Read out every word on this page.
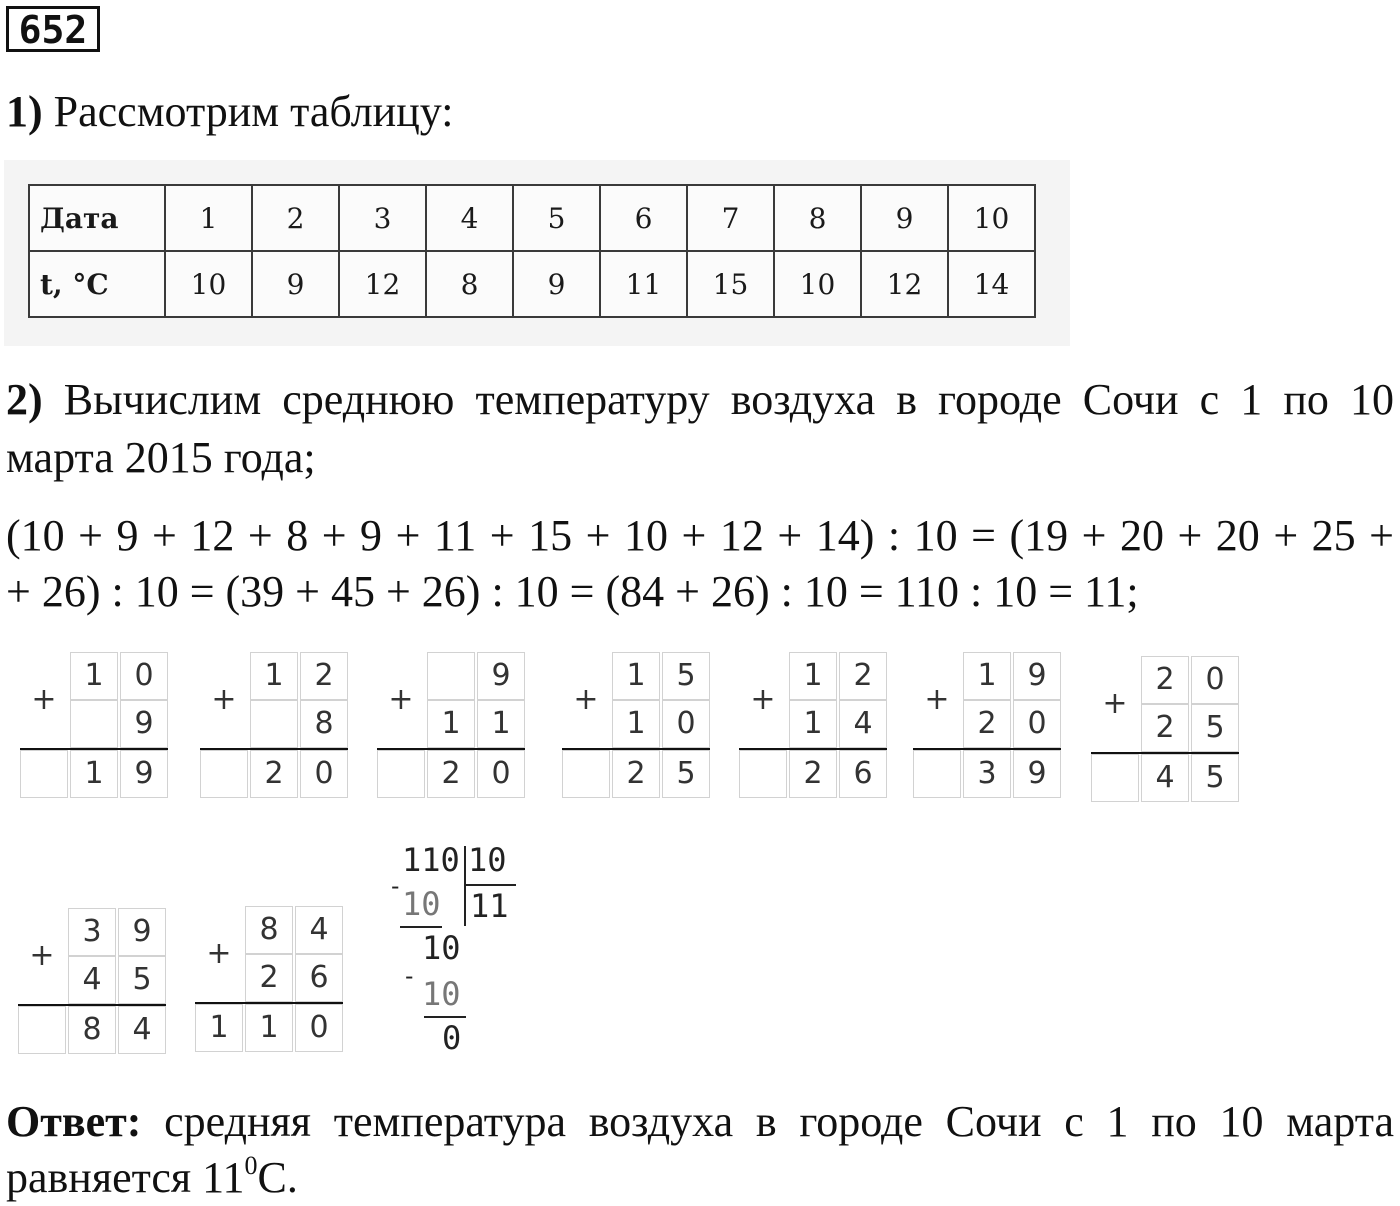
652

1) Рассмотрим таблицу:

Дата	1	2	3	4	5	6	7	8	9	10
t, °C	10	9	12	8	9	11	15	10	12	14

2) Вычислим среднюю температуру воздуха в городе Сочи с 1 по 10

марта 2015 года;

(10 + 9 + 12 + 8 + 9 + 11 + 15 + 10 + 12 + 14) : 10 = (19 + 20 + 20 + 25 +

+ 26) : 10 = (39 + 45 + 26) : 10 = (84 + 26) : 10 = 110 : 10 = 11;

1	0
9
1	9
+
1	2
8
2	0
+
9
1	1
2	0
+
1	5
1	0
2	5
+
1	2
1	4
2	6
+
1	9
2	0
3	9
+
2	0
2	5
4	5
+
3	9
4	5
8	4
+
8	4
2	6
1	1	0
+
110 10
- 10 11
10
- 10
0

Ответ: средняя температура воздуха в городе Сочи с 1 по 10 марта

равняется $11^0С$.
